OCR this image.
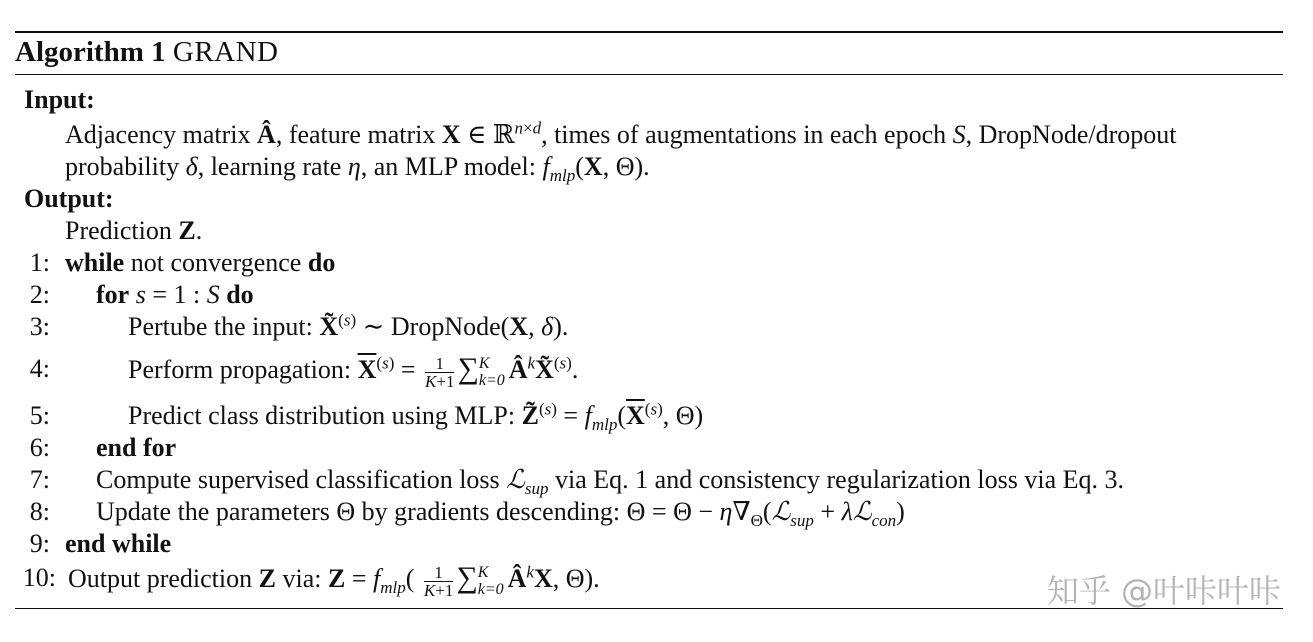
Algorithm 1 GRAND
Input:
Adjacency matrix Â, feature matrix X ∈ ℝ$^{n\times d}$, times of augmentations in each epoch S, DropNode/dropout
probability δ, learning rate η, an MLP model: $f_{mlp}(X$, Θ).
Output:
Prediction Z.
1: while not convergence do
2: for s = 1 : S do
3:	Pertube the input: X̃$^{(s)}$ ∼ DropNode(X, δ).
4:	Perform propagation: $\overline{X}^{(s)} = \frac{1}{K+1}$ ∑ K
k=0 $Â^kX̃^{(s)}$.
5:	Predict class distribution using MLP: Z̃$^{(s)}$ = $f_{mlp}(\overline{X}^{(s)}$, Θ)
6: end for
7: Compute supervised classification loss ℒ$_{sup}$ via Eq. 1 and consistency regularization loss via Eq. 3.
8: Update the parameters Θ by gradients descending: $\Theta = \Theta - \eta\nabla_\Theta(ℒ_{sup}$ + λℒ$_{con}$)
9: end while
10: Output prediction Z via: $Z = f_{mlp}( \frac{1}{K+1}$ ∑ K
k=0 $Â^kX$, Θ).	知乎 @叶咔叶咔
